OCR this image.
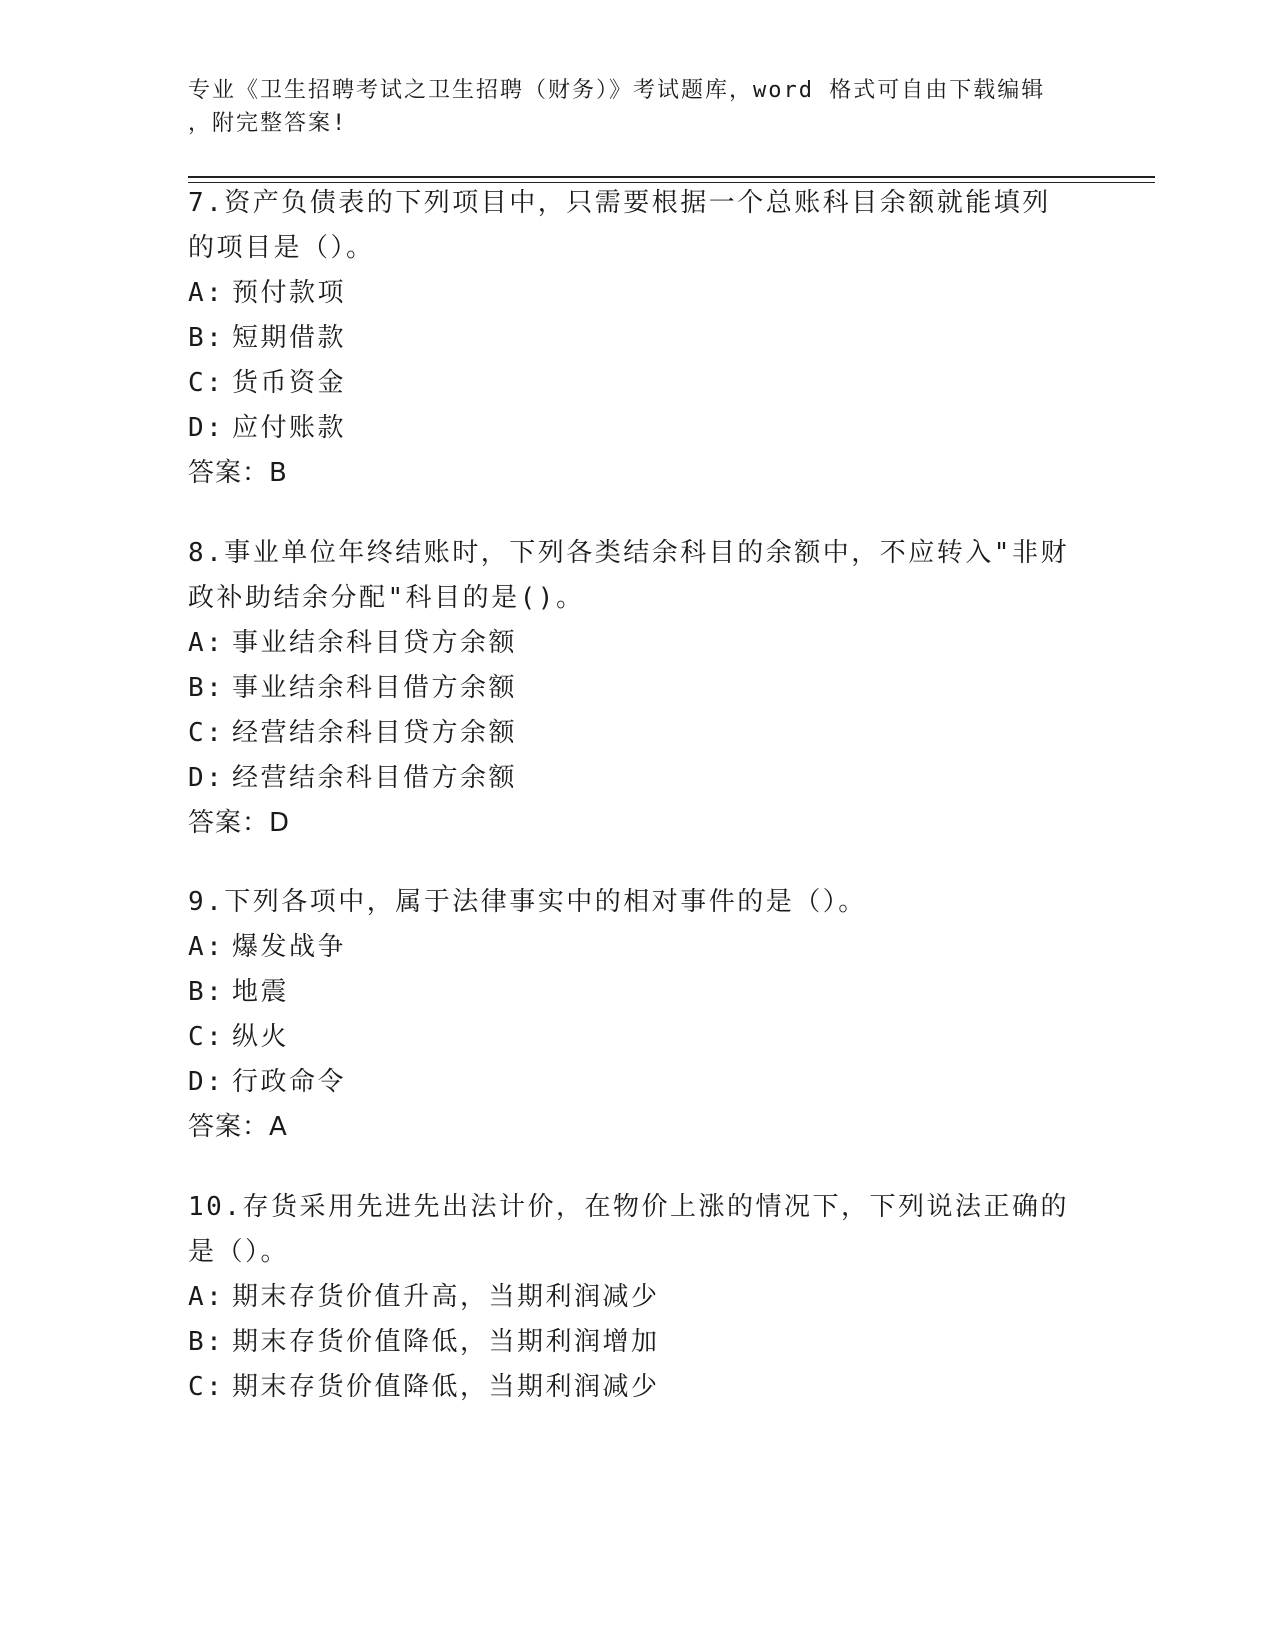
专业《卫生招聘考试之卫生招聘（财务）》考试题库，word 格式可自由下载编辑
，附完整答案!

7.资产负债表的下列项目中，只需要根据一个总账科目余额就能填列

的项目是（）。

A: 预付款项

B: 短期借款

C: 货币资金

D: 应付账款

答案：B

8.事业单位年终结账时，下列各类结余科目的余额中，不应转入"非财

政补助结余分配"科目的是()。

A: 事业结余科目贷方余额

B: 事业结余科目借方余额

C: 经营结余科目贷方余额

D: 经营结余科目借方余额

答案：D

9.下列各项中，属于法律事实中的相对事件的是（）。

A: 爆发战争

B: 地震

C: 纵火

D: 行政命令

答案：A

10.存货采用先进先出法计价，在物价上涨的情况下，下列说法正确的

是（）。

A: 期末存货价值升高，当期利润减少

B: 期末存货价值降低，当期利润增加

C: 期末存货价值降低，当期利润减少
